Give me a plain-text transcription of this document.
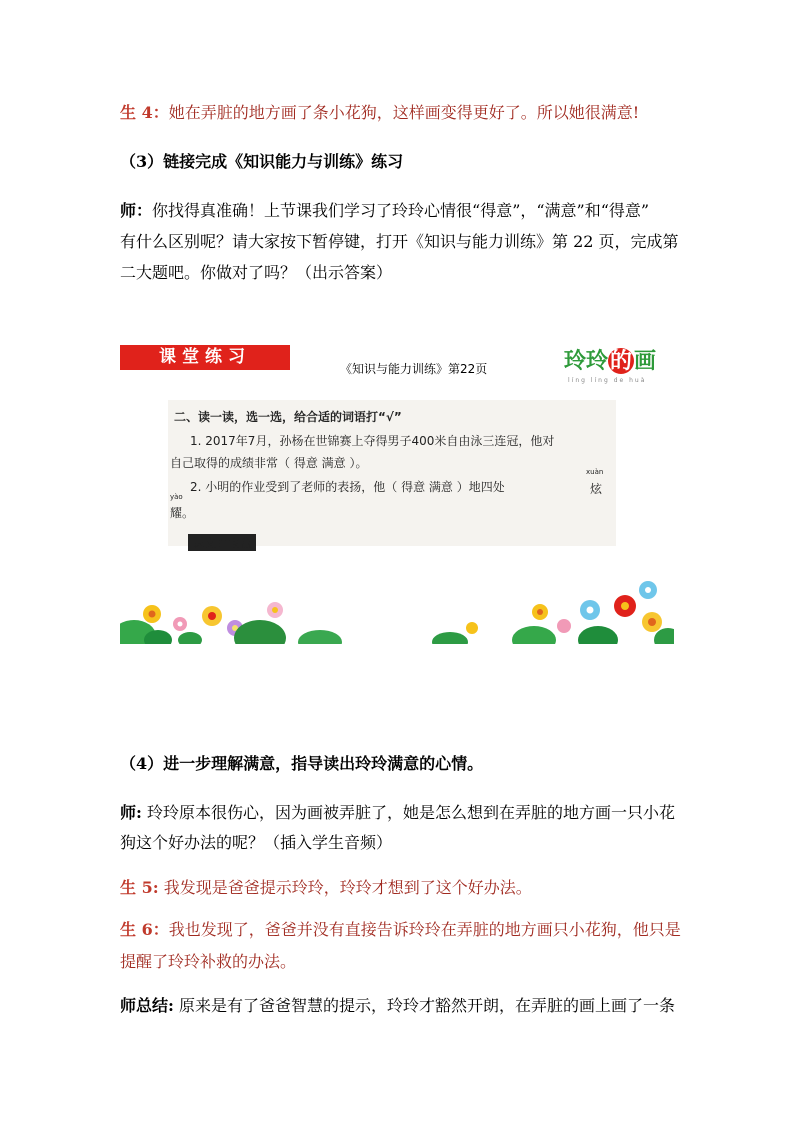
生 4：她在弄脏的地方画了条小花狗，这样画变得更好了。所以她很满意!
（3）链接完成《知识能力与训练》练习
师：你找得真准确！上节课我们学习了玲玲心情很“得意”，“满意”和“得意”
有什么区别呢？请大家按下暂停键，打开《知识与能力训练》第 22 页，完成第
二大题吧。你做对了吗？（出示答案）
课堂练习
《知识与能力训练》第22页	玲玲的画
líng líng de huà
二、读一读，选一选，给合适的词语打“√”
1. 2017年7月，孙杨在世锦赛上夺得男子400米自由泳三连冠，他对
自己取得的成绩非常（ 得意 满意 ）。
2. 小明的作业受到了老师的表扬，他（ 得意 满意 ）地四处
xuàn
炫
yào
耀。
课文百宝盒
（4）进一步理解满意，指导读出玲玲满意的心情。
师: 玲玲原本很伤心，因为画被弄脏了，她是怎么想到在弄脏的地方画一只小花
狗这个好办法的呢？（插入学生音频）
生 5: 我发现是爸爸提示玲玲，玲玲才想到了这个好办法。
生 6：我也发现了，爸爸并没有直接告诉玲玲在弄脏的地方画只小花狗，他只是
提醒了玲玲补救的办法。
师总结: 原来是有了爸爸智慧的提示，玲玲才豁然开朗，在弄脏的画上画了一条
